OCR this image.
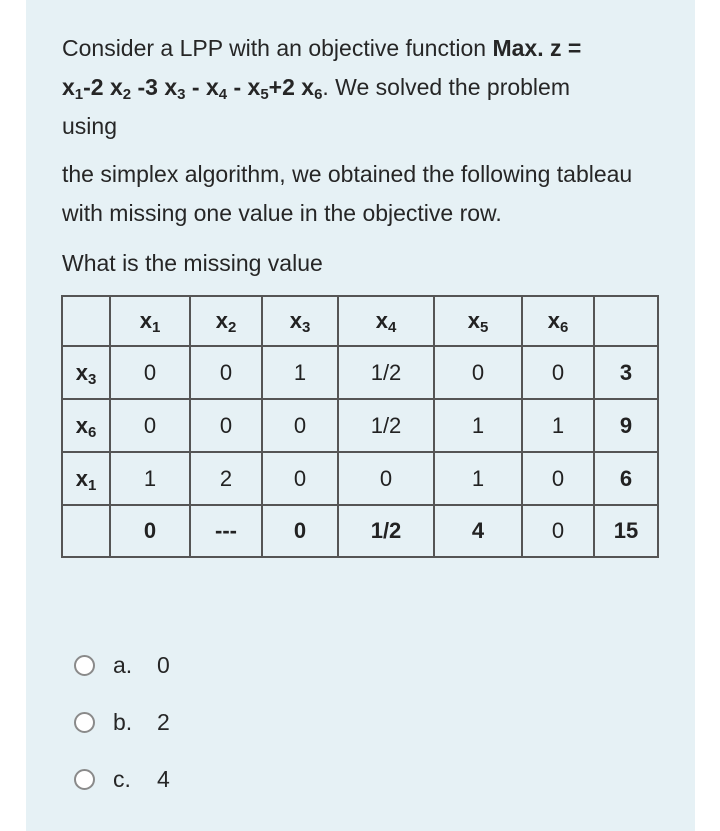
Consider a LPP with an objective function Max. z =
$x_1-2$ $x_2$ -3 $x_3 - x_4 - x_5+2$ $x_6$. We solved the problem
using

the simplex algorithm, we obtained the following tableau with missing one value in the objective row.

What is the missing value

	$x_1$	$x_2$	$x_3$	$x_4$	$x_5$	$x_6$	
$x_3$	0	0	1	1/2	0	0	3
$x_6$	0	0	0	1/2	1	1	9
$x_1$	1	2	0	0	1	0	6
	0	---	0	1/2	4	0	15
a.	0
b.	2
c.	4
